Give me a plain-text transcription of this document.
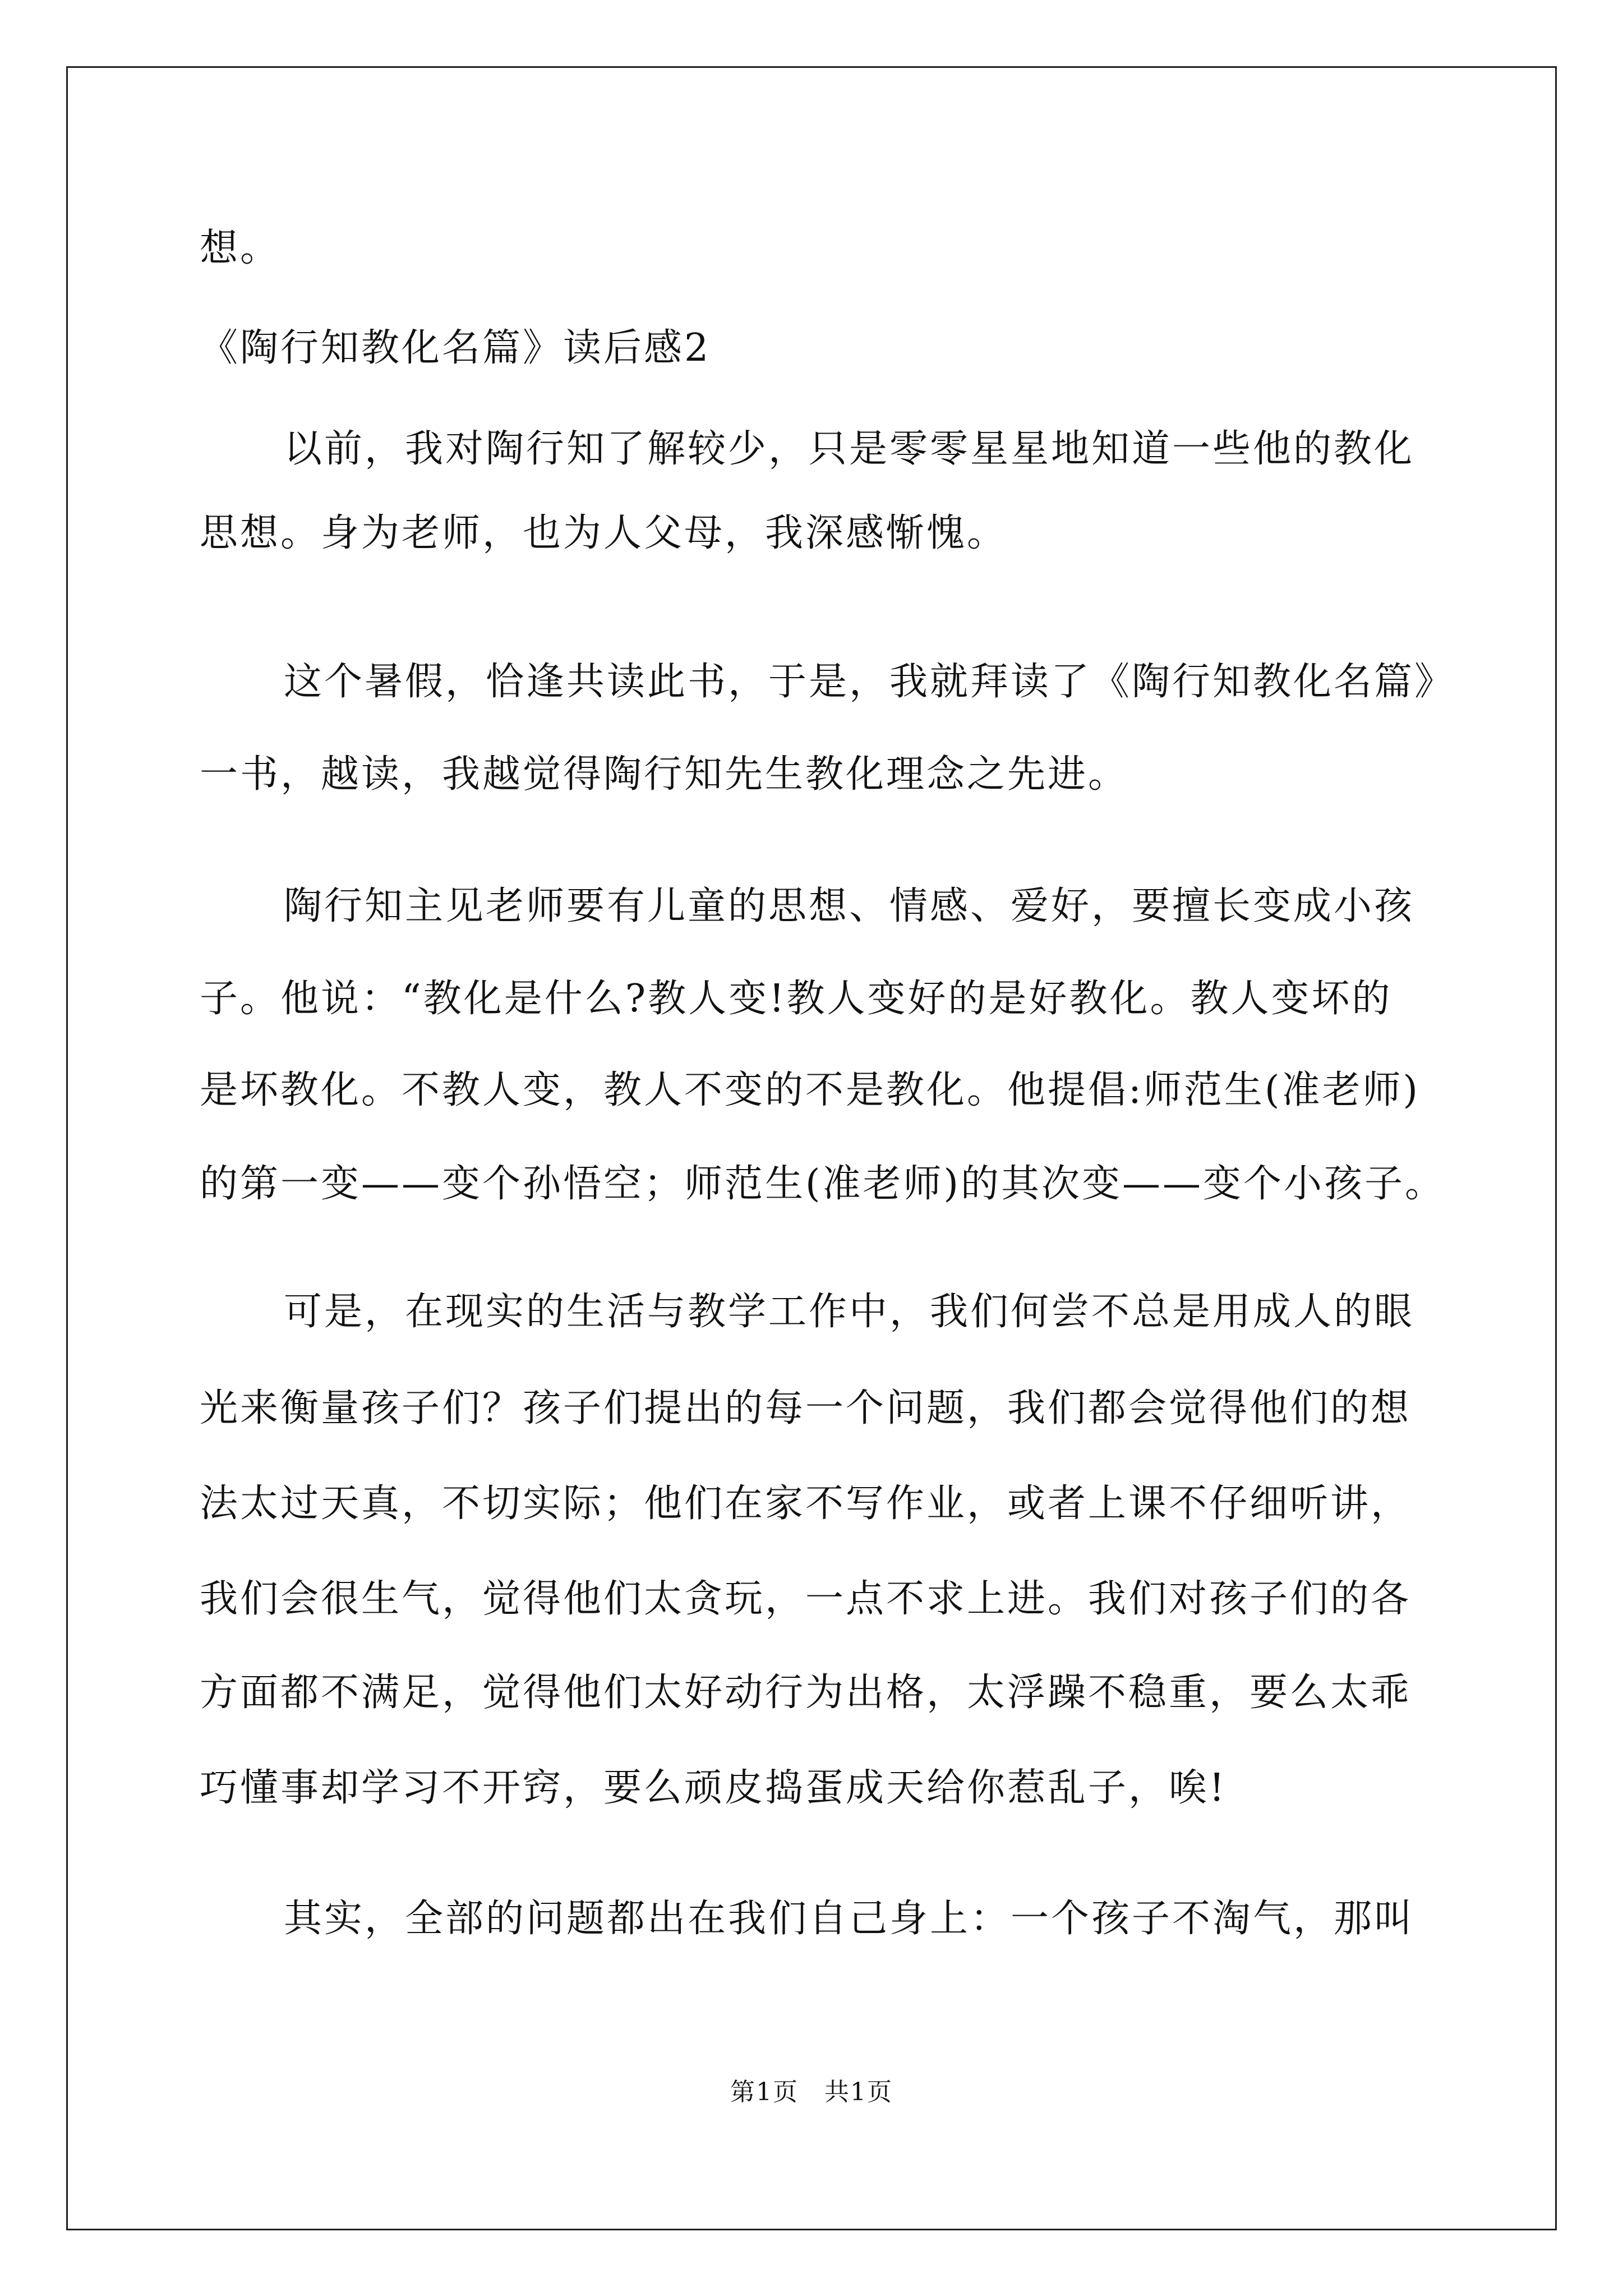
想。
《陶行知教化名篇》读后感2
以前，我对陶行知了解较少，只是零零星星地知道一些他的教化
思想。身为老师，也为人父母，我深感惭愧。
这个暑假，恰逢共读此书，于是，我就拜读了《陶行知教化名篇》
一书，越读，我越觉得陶行知先生教化理念之先进。
陶行知主见老师要有儿童的思想、情感、爱好，要擅长变成小孩
子。他说：“教化是什么?教人变!教人变好的是好教化。教人变坏的
是坏教化。不教人变，教人不变的不是教化。他提倡:师范生(准老师)
的第一变——变个孙悟空；师范生(准老师)的其次变——变个小孩子。
可是，在现实的生活与教学工作中，我们何尝不总是用成人的眼
光来衡量孩子们？孩子们提出的每一个问题，我们都会觉得他们的想
法太过天真，不切实际；他们在家不写作业，或者上课不仔细听讲，
我们会很生气，觉得他们太贪玩，一点不求上进。我们对孩子们的各
方面都不满足，觉得他们太好动行为出格，太浮躁不稳重，要么太乖
巧懂事却学习不开窍，要么顽皮捣蛋成天给你惹乱子，唉!
其实，全部的问题都出在我们自己身上：一个孩子不淘气，那叫
第1页　共1页
